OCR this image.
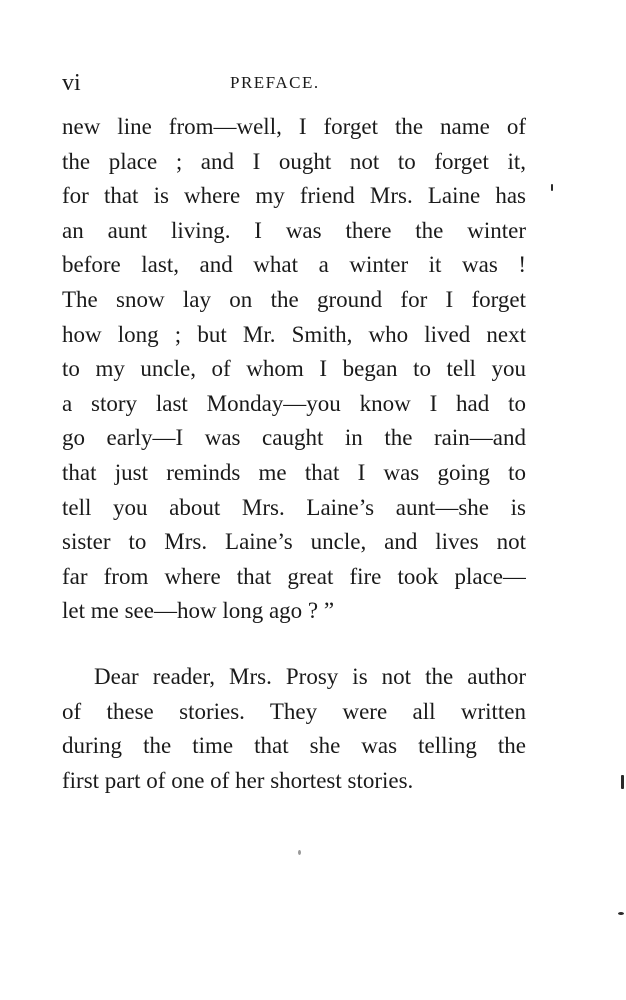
vi	PREFACE.
new line from—well, I forget the name of
the place ; and I ought not to forget it,
for that is where my friend Mrs. Laine has
an aunt living. I was there the winter
before last, and what a winter it was !
The snow lay on the ground for I forget
how long ; but Mr. Smith, who lived next
to my uncle, of whom I began to tell you
a story last Monday—you know I had to
go early—I was caught in the rain—and
that just reminds me that I was going to
tell you about Mrs. Laine’s aunt—she is
sister to Mrs. Laine’s uncle, and lives not
far from where that great fire took place—
let me see—how long ago ? ”
Dear reader, Mrs. Prosy is not the author
of these stories. They were all written
during the time that she was telling the
first part of one of her shortest stories.
